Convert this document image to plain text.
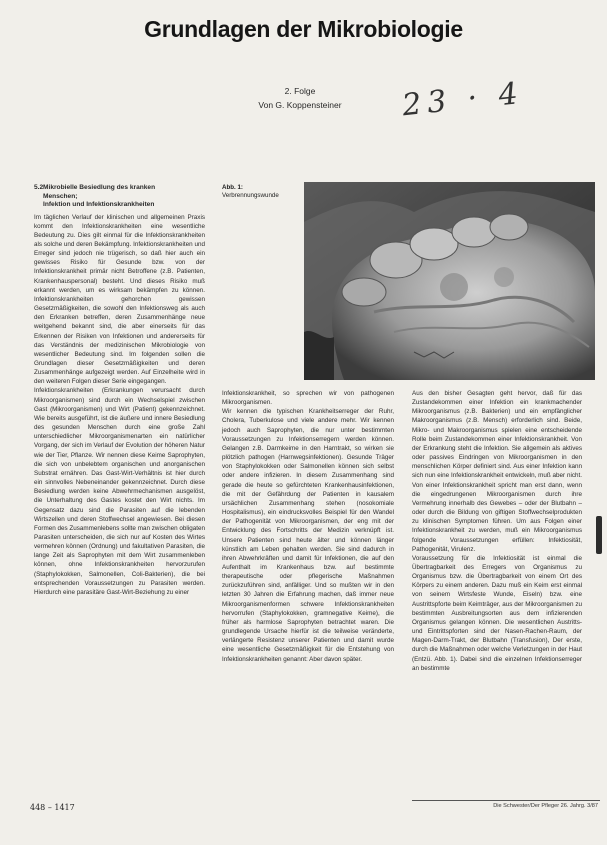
Grundlagen der Mikrobiologie
2. Folge
Von G. Koppensteiner	23 · 4
5.2Mikrobielle Besiedlung des kranken
Menschen;
Infektion und Infektionskrankheiten

Im täglichen Verlauf der klinischen und allgemeinen Praxis kommt den Infektionskrankheiten eine wesentliche Bedeutung zu. Dies gilt einmal für die Infektionskrankheiten als solche und deren Bekämpfung. Infektionskrankheiten und Erreger sind jedoch nie trügerisch, so daß hier auch ein gewisses Risiko für Gesunde bzw. von der Infektionskrankheit primär nicht Betroffene (z.B. Patienten, Krankenhauspersonal) besteht. Und dieses Risiko muß erkannt werden, um es wirksam bekämpfen zu können. Infektionskrankheiten gehorchen gewissen Gesetzmäßigkeiten, die sowohl den Infektionsweg als auch den Erkranken betreffen, deren Zusammenhänge neue weitgehend bekannt sind, die aber einerseits für das Erkennen der Risiken von Infektionen und andererseits für das Verständnis der medizinischen Mikrobiologie von wesentlicher Bedeutung sind. Im folgenden sollen die Grundlagen dieser Gesetzmäßigkeiten und deren Zusammenhänge aufgezeigt werden. Auf Einzelheite wird in den weiteren Folgen dieser Serie eingegangen.

Infektionskrankheiten (Erkrankungen verursacht durch Mikroorganismen) sind durch ein Wechselspiel zwischen Gast (Mikroorganismen) und Wirt (Patient) gekennzeichnet. Wie bereits ausgeführt, ist die äußere und innere Besiedlung des gesunden Menschen durch eine große Zahl unterschiedlicher Mikroorganismenarten ein natürlicher Vorgang, der sich im Verlauf der Evolution der höheren Natur wie der Tier, Pflanze. Wir nennen diese Keime Saprophyten, die sich von unbelebtem organischen und anorganischen Substrat ernähren. Das Gast-Wirt-Verhältnis ist hier durch ein sinnvolles Nebeneinander gekennzeichnet. Durch diese Besiedlung werden keine Abwehrmechanismen ausgelöst, die Unterhaltung des Gastes kostet den Wirt nichts. Im Gegensatz dazu sind die Parasiten auf die lebenden Wirtszellen und deren Stoffwechsel angewiesen. Bei diesen Formen des Zusammenlebens sollte man zwischen obligaten Parasiten unterscheiden, die sich nur auf Kosten des Wirtes vermehren können (Ordnung) und fakultativen Parasiten, die lange Zeit als Saprophyten mit dem Wirt zusammenleben können, ohne Infektionskrankheiten hervorzurufen (Staphylokokken, Salmonellen, Coli-Bakterien), die bei entsprechenden Voraussetzungen zu Parasiten werden. Hierdurch eine parasitäre Gast-Wirt-Beziehung zu einer

Abb. 1:
Verbrennungswunde

Infektionskrankheit, so sprechen wir von pathogenen Mikroorganismen.

Wir kennen die typischen Krankheitserreger der Ruhr, Cholera, Tuberkulose und viele andere mehr. Wir kennen jedoch auch Saprophyten, die nur unter bestimmten Voraussetzungen zu Infektionserregern werden können. Gelangen z.B. Darmkeime in den Harntrakt, so wirken sie plötzlich pathogen (Harnwegsinfektionen). Gesunde Träger von Staphylokokken oder Salmonellen können sich selbst oder andere infizieren. In diesem Zusammenhang sind gerade die heute so gefürchteten Krankenhausinfektionen, die mit der Gefährdung der Patienten in kausalem ursächlichen Zusammenhang stehen (nosokomiale Hospitalismus), ein eindrucksvolles Beispiel für den Wandel der Pathogenität von Mikroorganismen, der eng mit der Entwicklung des Fortschritts der Medizin verknüpft ist. Unsere Patienten sind heute älter und können länger künstlich am Leben gehalten werden. Sie sind dadurch in ihren Abwehrkräften und damit für Infektionen, die auf den Aufenthalt im Krankenhaus bzw. auf bestimmte therapeutische oder pflegerische Maßnahmen zurückzuführen sind, anfälliger. Und so mußten wir in den letzten 30 Jahren die Erfahrung machen, daß immer neue Mikroorganismenformen schwere Infektionskrankheiten hervorrufen (Staphylokokken, gramnegative Keime), die früher als harmlose Saprophyten betrachtet waren. Die grundlegende Ursache hierfür ist die teilweise veränderte, verlängerte Resistenz unserer Patienten und damit wurde eine wesentliche Gesetzmäßigkeit für die Entstehung von Infektionskrankheiten genannt: Aber davon später.

Aus den bisher Gesagten geht hervor, daß für das Zustandekommen einer Infektion ein krankmachender Mikroorganismus (z.B. Bakterien) und ein empfänglicher Makroorganismus (z.B. Mensch) erforderlich sind. Beide, Mikro- und Makroorganismus spielen eine entscheidende Rolle beim Zustandekommen einer Infektionskrankheit. Von der Erkrankung steht die Infektion. Sie allgemein als aktives oder passives Eindringen von Mikroorganismen in den menschlichen Körper definiert sind. Aus einer Infektion kann sich nun eine Infektionskrankheit entwickeln, muß aber nicht. Von einer Infektionskrankheit spricht man erst dann, wenn die eingedrungenen Mikroorganismen durch ihre Vermehrung innerhalb des Gewebes – oder der Blutbahn – oder durch die Bildung von giftigen Stoffwechselprodukten zu klinischen Symptomen führen. Um aus Folgen einer Infektionskrankheit zu werden, muß ein Mikroorganismus folgende Voraussetzungen erfüllen: Infektiosität, Pathogenität, Virulenz.

Voraussetzung für die Infektiosität ist einmal die Übertragbarkeit des Erregers von Organismus zu Organismus bzw. die Übertragbarkeit von einem Ort des Körpers zu einem anderen. Dazu muß ein Keim erst einmal von seinem Wirtsfeste Wunde, Eiseln) bzw. eine Austrittspforte beim Keimträger, aus der Mikroorganismen zu bestimmten Ausbreitungsorten aus dem infizierenden Organismus gelangen können. Die wesentlichen Austritts- und Eintrittspforten sind der Nasen-Rachen-Raum, der Magen-Darm-Trakt, der Blutbahn (Transfusion), Der erste, durch die Maßnahmen oder welche Verletzungen in der Haut (Entzü. Abb. 1). Dabei sind die einzelnen Infektionserreger an bestimmte

448 – 1417	Die Schwester/Der Pfleger 26. Jahrg. 3/87
